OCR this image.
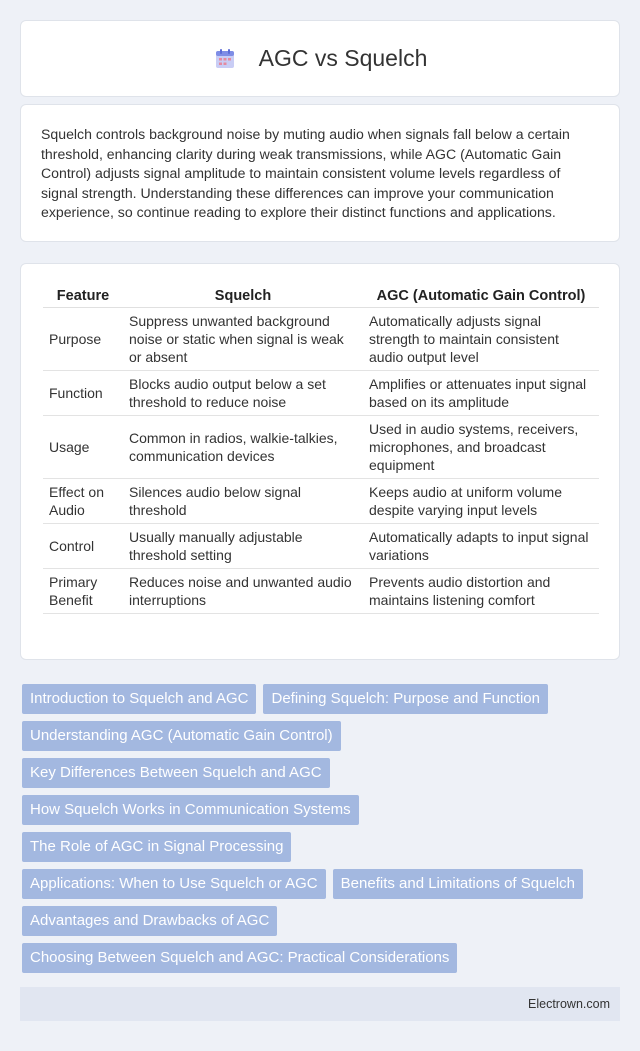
AGC vs Squelch

Squelch controls background noise by muting audio when signals fall below a certain threshold, enhancing clarity during weak transmissions, while AGC (Automatic Gain Control) adjusts signal amplitude to maintain consistent volume levels regardless of signal strength. Understanding these differences can improve your communication experience, so continue reading to explore their distinct functions and applications.

Feature	Squelch	AGC (Automatic Gain Control)
Purpose	Suppress unwanted background noise or static when signal is weak or absent	Automatically adjusts signal strength to maintain consistent audio output level
Function	Blocks audio output below a set threshold to reduce noise	Amplifies or attenuates input signal based on its amplitude
Usage	Common in radios, walkie-talkies, communication devices	Used in audio systems, receivers, microphones, and broadcast equipment
Effect on Audio	Silences audio below signal threshold	Keeps audio at uniform volume despite varying input levels
Control	Usually manually adjustable threshold setting	Automatically adapts to input signal variations
Primary Benefit	Reduces noise and unwanted audio interruptions	Prevents audio distortion and maintains listening comfort
Introduction to Squelch and AGC Defining Squelch: Purpose and Function
Understanding AGC (Automatic Gain Control)
Key Differences Between Squelch and AGC
How Squelch Works in Communication Systems
The Role of AGC in Signal Processing
Applications: When to Use Squelch or AGC Benefits and Limitations of Squelch
Advantages and Drawbacks of AGC
Choosing Between Squelch and AGC: Practical Considerations
Electrown.com
